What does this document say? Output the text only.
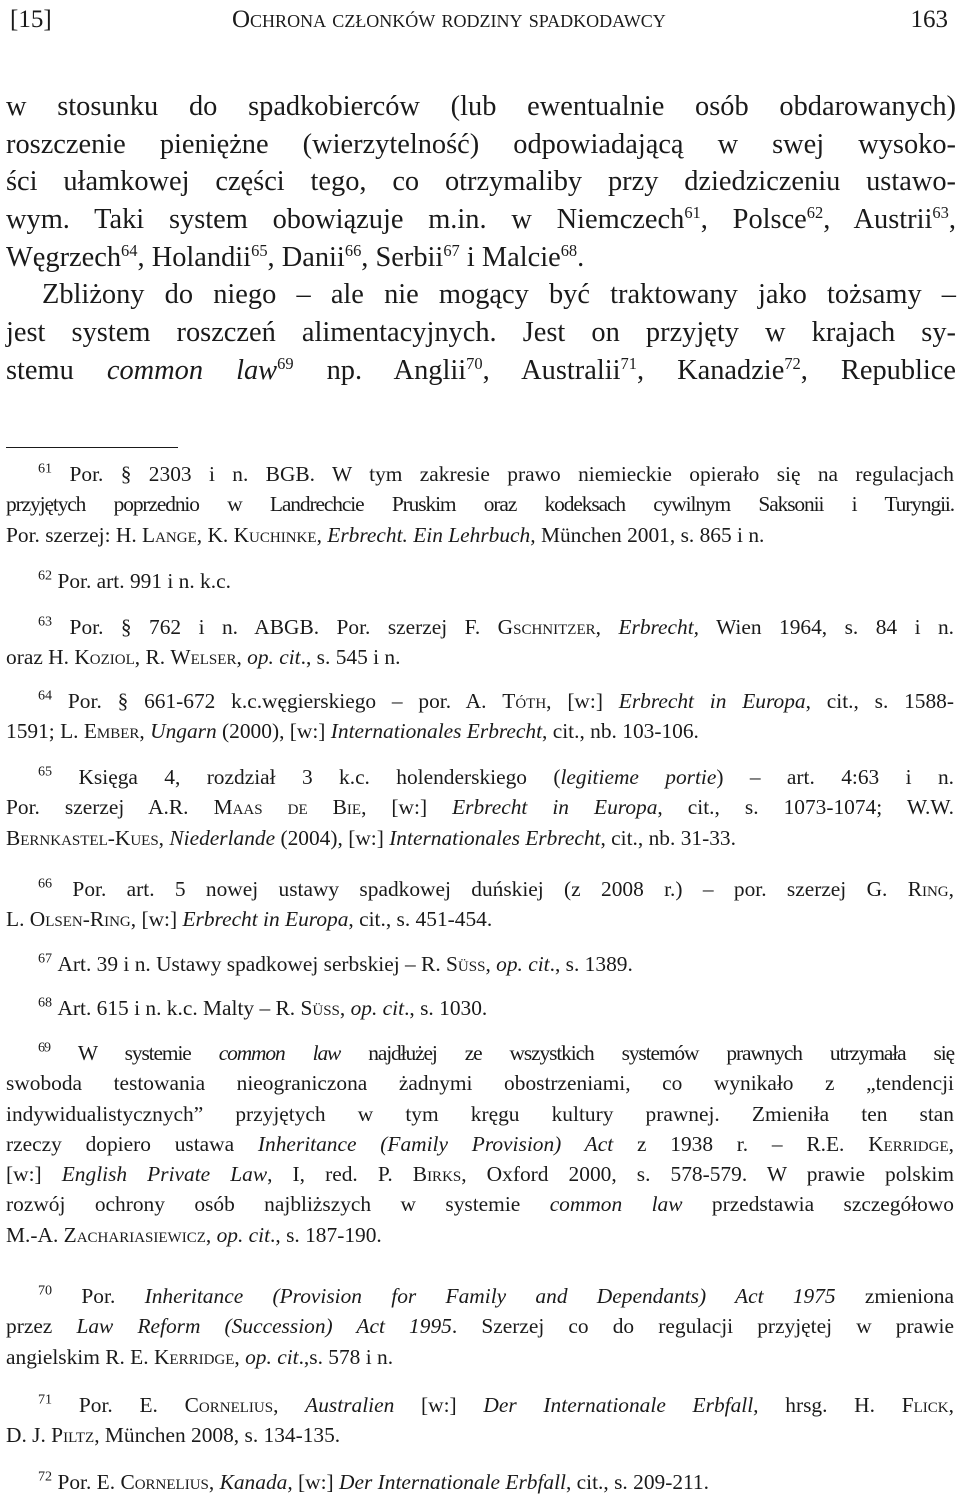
[15]	Ochrona członków rodziny spadkodawcy	163
w stosunku do spadkobierców (lub ewentualnie osób obdarowanych)
roszczenie pieniężne (wierzytelność) odpowiadającą w swej wysoko-
ści ułamkowej części tego, co otrzymaliby przy dziedziczeniu ustawo-
wym. Taki system obowiązuje m.in. w Niemczech$^{61}$, Polsce$^{62}$, Austrii$^{63}$,
Węgrzech$^{64}$, Holandii$^{65}$, Danii$^{66}$, Serbii$^{67}$ i Malcie$^{68}$.
Zbliżony do niego – ale nie mogący być traktowany jako tożsamy –
jest system roszczeń alimentacyjnych. Jest on przyjęty w krajach sy-
stemu common law$^{69}$ np. Anglii$^{70}$, Australii$^{71}$, Kanadzie$^{72}$, Republice
$^{61}$ Por. § 2303 i n. BGB. W tym zakresie prawo niemieckie opierało się na regulacjach
przyjętych poprzednio w Landrechcie Pruskim oraz kodeksach cywilnym Saksonii i Turyngii.
Por. szerzej: H. Lange, K. Kuchinke, Erbrecht. Ein Lehrbuch, München 2001, s. 865 i n.
$^{62}$ Por. art. 991 i n. k.c.
$^{63}$ Por. § 762 i n. ABGB. Por. szerzej F. Gschnitzer, Erbrecht, Wien 1964, s. 84 i n.
oraz H. Koziol, R. Welser, op. cit., s. 545 i n.
$^{64}$ Por. § 661-672 k.c.węgierskiego – por. A. Tóth, [w:] Erbrecht in Europa, cit., s. 1588-
1591; L. Ember, Ungarn (2000), [w:] Internationales Erbrecht, cit., nb. 103-106.
$^{65}$ Księga 4, rozdział 3 k.c. holenderskiego (legitieme portie) – art. 4:63 i n.
Por. szerzej A.R. Maas de Bie, [w:] Erbrecht in Europa, cit., s. 1073-1074; W.W.
Bernkastel-Kues, Niederlande (2004), [w:] Internationales Erbrecht, cit., nb. 31-33.
$^{66}$ Por. art. 5 nowej ustawy spadkowej duńskiej (z 2008 r.) – por. szerzej G. Ring,
L. Olsen-Ring, [w:] Erbrecht in Europa, cit., s. 451-454.
$^{67}$ Art. 39 i n. Ustawy spadkowej serbskiej – R. Süß, op. cit., s. 1389.
$^{68}$ Art. 615 i n. k.c. Malty – R. Süß, op. cit., s. 1030.
$^{69}$ W systemie common law najdłużej ze wszystkich systemów prawnych utrzymała się
swoboda testowania nieograniczona żadnymi obostrzeniami, co wynikało z „tendencji
indywidualistycznych” przyjętych w tym kręgu kultury prawnej. Zmieniła ten stan
rzeczy dopiero ustawa Inheritance (Family Provision) Act z 1938 r. – R.E. Kerridge,
[w:] English Private Law, I, red. P. Birks, Oxford 2000, s. 578-579. W prawie polskim
rozwój ochrony osób najbliższych w systemie common law przedstawia szczegółowo
M.-A. Zachariasiewicz, op. cit., s. 187-190.
$^{70}$ Por. Inheritance (Provision for Family and Dependants) Act 1975 zmieniona
przez Law Reform (Succession) Act 1995. Szerzej co do regulacji przyjętej w prawie
angielskim R. E. Kerridge, op. cit.,s. 578 i n.
$^{71}$ Por. E. Cornelius, Australien [w:] Der Internationale Erbfall, hrsg. H. Flick,
D. J. Piltz, München 2008, s. 134-135.
$^{72}$ Por. E. Cornelius, Kanada, [w:] Der Internationale Erbfall, cit., s. 209-211.
